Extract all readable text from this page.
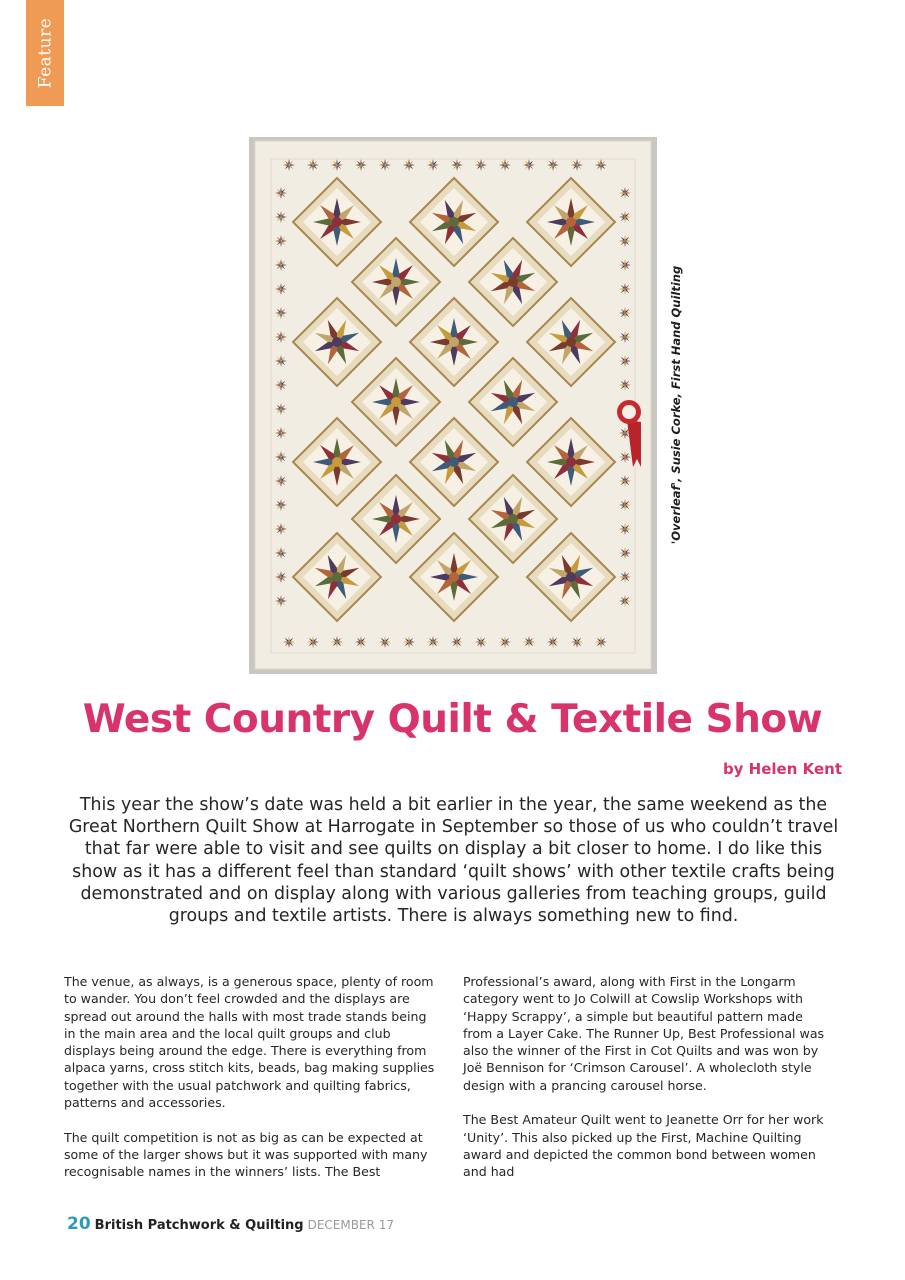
Feature
'Overleaf', Susie Corke, First Hand Quilting
West Country Quilt & Textile Show

by Helen Kent

This year the show’s date was held a bit earlier in the year, the same weekend as the Great Northern Quilt Show at Harrogate in September so those of us who couldn’t travel that far were able to visit and see quilts on display a bit closer to home. I do like this show as it has a different feel than standard ‘quilt shows’ with other textile crafts being demonstrated and on display along with various galleries from teaching groups, guild groups and textile artists. There is always something new to find.

The venue, as always, is a generous space, plenty of room to wander. You don’t feel crowded and the displays are spread out around the halls with most trade stands being in the main area and the local quilt groups and club displays being around the edge. There is everything from alpaca yarns, cross stitch kits, beads, bag making supplies together with the usual patchwork and quilting fabrics, patterns and accessories.

The quilt competition is not as big as can be expected at some of the larger shows but it was supported with many recognisable names in the winners’ lists. The Best

Professional’s award, along with First in the Longarm category went to Jo Colwill at Cowslip Workshops with ‘Happy Scrappy’, a simple but beautiful pattern made from a Layer Cake. The Runner Up, Best Professional was also the winner of the First in Cot Quilts and was won by Joë Bennison for ‘Crimson Carousel’. A wholecloth style design with a prancing carousel horse.

The Best Amateur Quilt went to Jeanette Orr for her work ‘Unity’. This also picked up the First, Machine Quilting award and depicted the common bond between women and had

20 British Patchwork & Quilting DECEMBER 17
